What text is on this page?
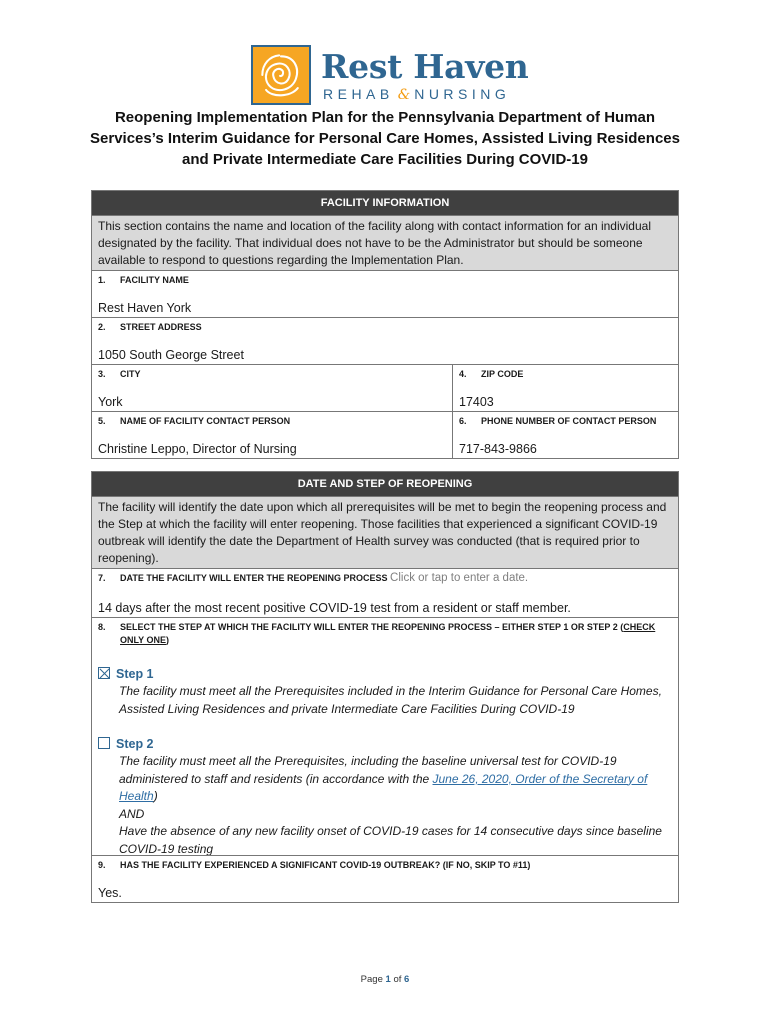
Rest Haven
REHAB & NURSING
Reopening Implementation Plan for the Pennsylvania Department of Human
Services’s Interim Guidance for Personal Care Homes, Assisted Living Residences
and Private Intermediate Care Facilities During COVID-19
FACILITY INFORMATION
This section contains the name and location of the facility along with contact information for an individual designated by the facility. That individual does not have to be the Administrator but should be someone available to respond to questions regarding the Implementation Plan.
1. FACILITY NAME
Rest Haven York
2. STREET ADDRESS
1050 South George Street
3. CITY
York
4. ZIP CODE
17403
5. NAME OF FACILITY CONTACT PERSON
Christine Leppo, Director of Nursing
6. PHONE NUMBER OF CONTACT PERSON
717-843-9866
DATE AND STEP OF REOPENING
The facility will identify the date upon which all prerequisites will be met to begin the reopening process and the Step at which the facility will enter reopening. Those facilities that experienced a significant COVID-19 outbreak will identify the date the Department of Health survey was conducted (that is required prior to reopening).
7. DATE THE FACILITY WILL ENTER THE REOPENING PROCESS Click or tap to enter a date.
14 days after the most recent positive COVID-19 test from a resident or staff member.
8.	SELECT THE STEP AT WHICH THE FACILITY WILL ENTER THE REOPENING PROCESS – EITHER STEP 1 OR STEP 2 (CHECK ONLY ONE)
Step 1
The facility must meet all the Prerequisites included in the Interim Guidance for Personal Care Homes, Assisted Living Residences and private Intermediate Care Facilities During COVID-19
Step 2
The facility must meet all the Prerequisites, including the baseline universal test for COVID-19 administered to staff and residents (in accordance with the June 26, 2020, Order of the Secretary of Health)
AND
Have the absence of any new facility onset of COVID-19 cases for 14 consecutive days since baseline COVID-19 testing
9. HAS THE FACILITY EXPERIENCED A SIGNIFICANT COVID-19 OUTBREAK? (IF NO, SKIP TO #11)
Yes.
Page 1 of 6
